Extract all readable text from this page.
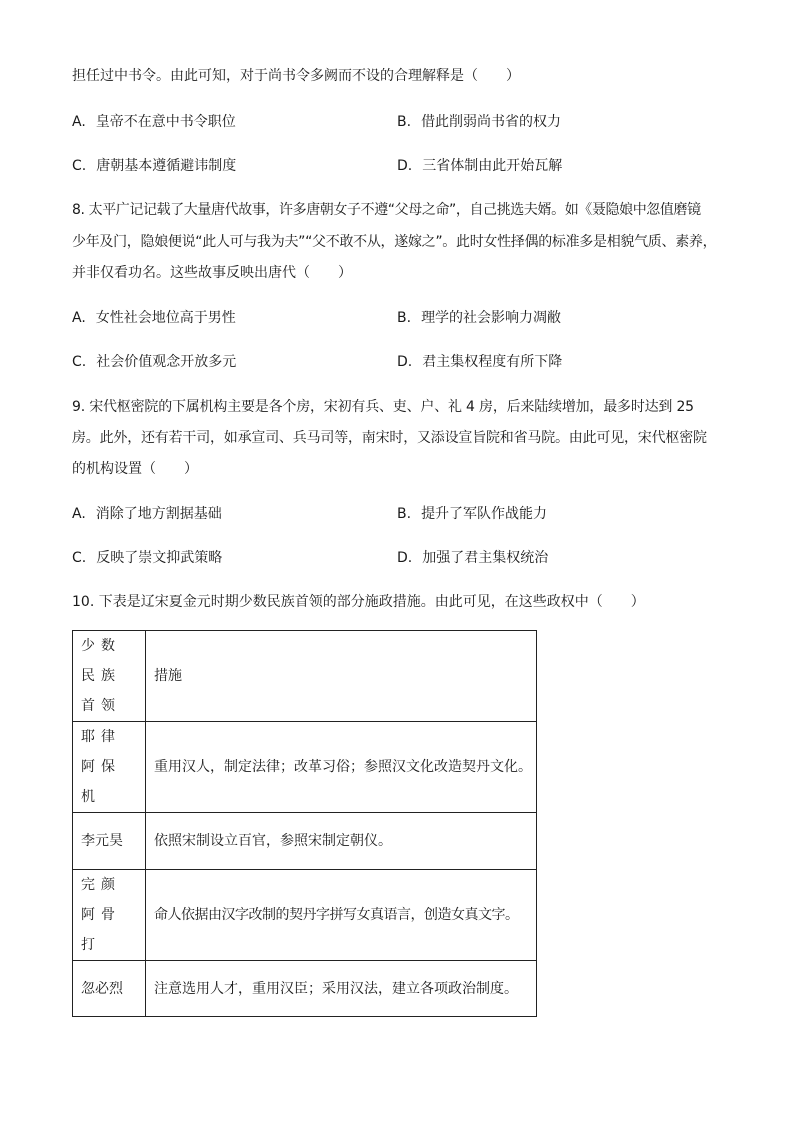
担任过中书令。由此可知，对于尚书令多阙而不设的合理解释是（　　）
A. 皇帝不在意中书令职位	B. 借此削弱尚书省的权力
C. 唐朝基本遵循避讳制度	D. 三省体制由此开始瓦解
8. 太平广记记载了大量唐代故事，许多唐朝女子不遵“父母之命”，自己挑选夫婿。如《聂隐娘中忽值磨镜
少年及门，隐娘便说“此人可与我为夫”“父不敢不从，遂嫁之”。此时女性择偶的标准多是相貌气质、素养，
并非仅看功名。这些故事反映出唐代（　　）
A. 女性社会地位高于男性	B. 理学的社会影响力凋敝
C. 社会价值观念开放多元	D. 君主集权程度有所下降
9. 宋代枢密院的下属机构主要是各个房，宋初有兵、吏、户、礼 4 房，后来陆续增加，最多时达到 25
房。此外，还有若干司，如承宣司、兵马司等，南宋时，又添设宣旨院和省马院。由此可见，宋代枢密院
的机构设置（　　）
A. 消除了地方割据基础	B. 提升了军队作战能力
C. 反映了崇文抑武策略	D. 加强了君主集权统治
10. 下表是辽宋夏金元时期少数民族首领的部分施政措施。由此可见，在这些政权中（　　）
少数民族首领	措施
耶律阿保机	重用汉人，制定法律；改革习俗；参照汉文化改造契丹文化。
李元昊	依照宋制设立百官，参照宋制定朝仪。
完颜阿骨打	命人依据由汉字改制的契丹字拼写女真语言，创造女真文字。
忽必烈	注意选用人才，重用汉臣；采用汉法，建立各项政治制度。
